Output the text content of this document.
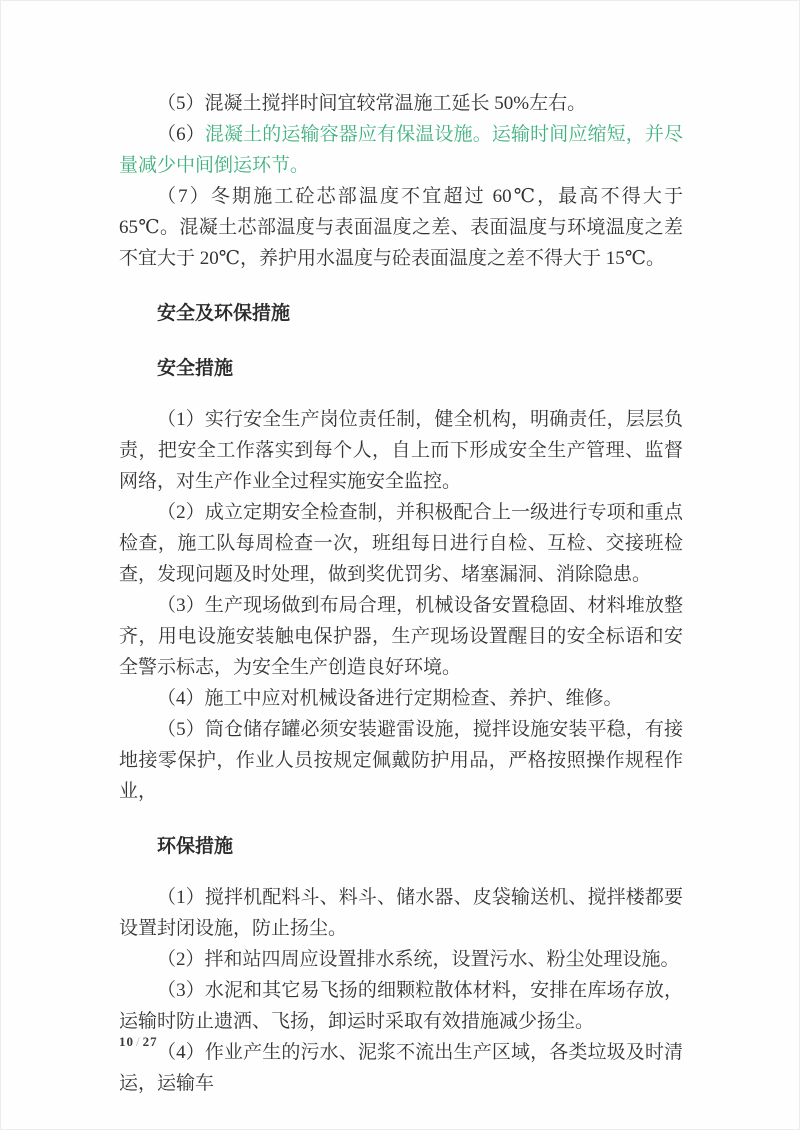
（5）混凝土搅拌时间宜较常温施工延长 50%左右。

（6）混凝土的运输容器应有保温设施。运输时间应缩短，并尽量减少中间倒运环节。

（7）冬期施工砼芯部温度不宜超过 60℃，最高不得大于 65℃。混凝土芯部温度与表面温度之差、表面温度与环境温度之差不宜大于 20℃，养护用水温度与砼表面温度之差不得大于 15℃。

安全及环保措施
安全措施

（1）实行安全生产岗位责任制，健全机构，明确责任，层层负责，把安全工作落实到每个人，自上而下形成安全生产管理、监督网络，对生产作业全过程实施安全监控。

（2）成立定期安全检查制，并积极配合上一级进行专项和重点检查，施工队每周检查一次，班组每日进行自检、互检、交接班检查，发现问题及时处理，做到奖优罚劣、堵塞漏洞、消除隐患。

（3）生产现场做到布局合理，机械设备安置稳固、材料堆放整齐，用电设施安装触电保护器，生产现场设置醒目的安全标语和安全警示标志，为安全生产创造良好环境。

（4）施工中应对机械设备进行定期检查、养护、维修。

（5）筒仓储存罐必须安装避雷设施，搅拌设施安装平稳，有接地接零保护，作业人员按规定佩戴防护用品，严格按照操作规程作业，

环保措施

（1）搅拌机配料斗、料斗、储水器、皮袋输送机、搅拌楼都要设置封闭设施，防止扬尘。

（2）拌和站四周应设置排水系统，设置污水、粉尘处理设施。

（3）水泥和其它易飞扬的细颗粒散体材料，安排在库场存放，运输时防止遗洒、飞扬，卸运时采取有效措施减少扬尘。

（4）作业产生的污水、泥浆不流出生产区域，各类垃圾及时清运，运输车

10 / 27
